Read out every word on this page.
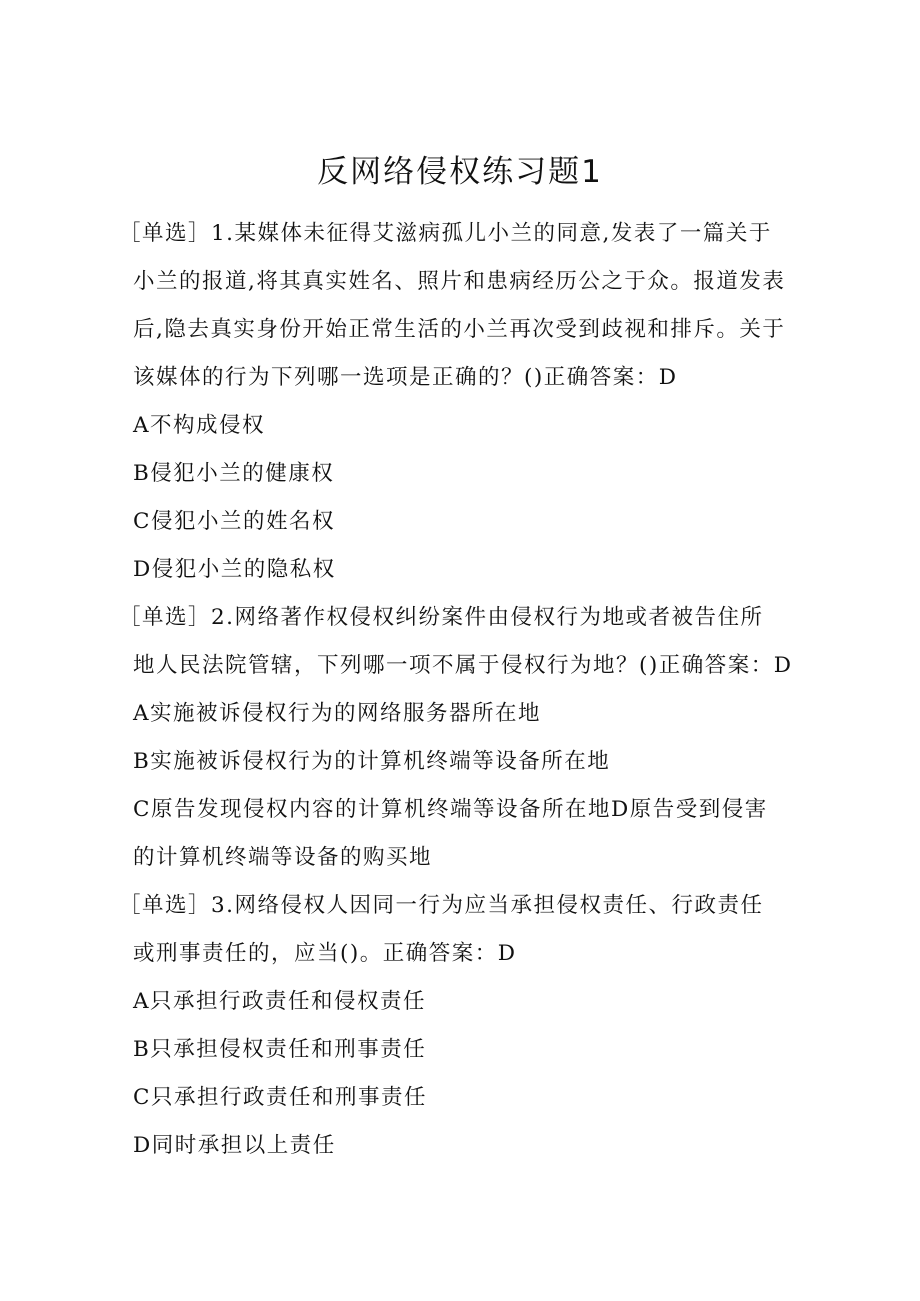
反网络侵权练习题1
［单选］1.某媒体未征得艾滋病孤儿小兰的同意,发表了一篇关于
小兰的报道,将其真实姓名、照片和患病经历公之于众。报道发表
后,隐去真实身份开始正常生活的小兰再次受到歧视和排斥。关于
该媒体的行为下列哪一选项是正确的？()正确答案：D
A不构成侵权
B侵犯小兰的健康权
C侵犯小兰的姓名权
D侵犯小兰的隐私权
［单选］2.网络著作权侵权纠纷案件由侵权行为地或者被告住所
地人民法院管辖，下列哪一项不属于侵权行为地？()正确答案：D
A实施被诉侵权行为的网络服务器所在地
B实施被诉侵权行为的计算机终端等设备所在地
C原告发现侵权内容的计算机终端等设备所在地D原告受到侵害
的计算机终端等设备的购买地
［单选］3.网络侵权人因同一行为应当承担侵权责任、行政责任
或刑事责任的，应当()。正确答案：D
A只承担行政责任和侵权责任
B只承担侵权责任和刑事责任
C只承担行政责任和刑事责任
D同时承担以上责任
